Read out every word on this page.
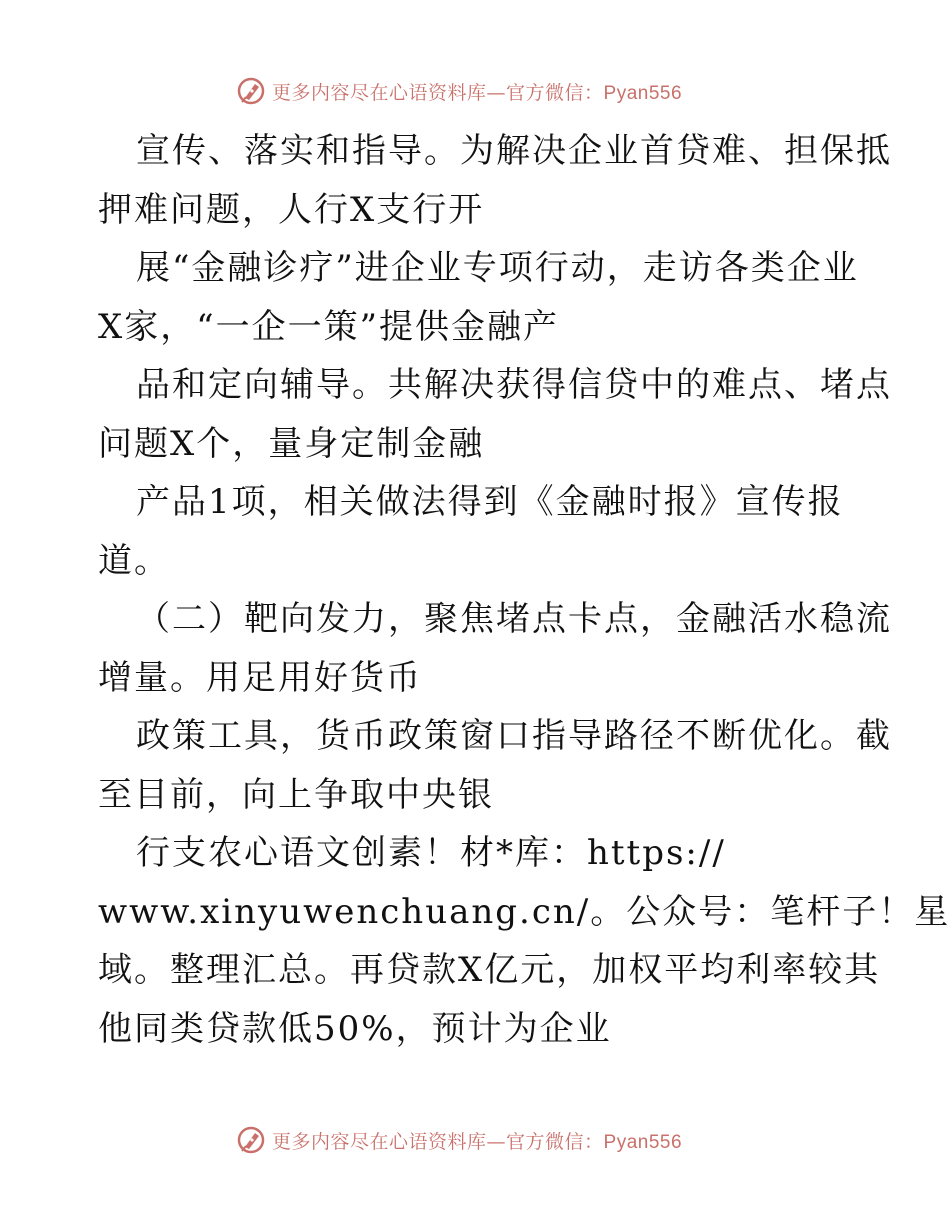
更多内容尽在心语资料库—官方微信：Pyan556
宣传、落实和指导。为解决企业首贷难、担保抵
押难问题，人行X支行开
展“金融诊疗”进企业专项行动，走访各类企业
X家，“一企一策”提供金融产
品和定向辅导。共解决获得信贷中的难点、堵点
问题X个，量身定制金融
产品1项，相关做法得到《金融时报》宣传报
道。
（二）靶向发力，聚焦堵点卡点，金融活水稳流
增量。用足用好货币
政策工具，货币政策窗口指导路径不断优化。截
至目前，向上争取中央银
行支农心语文创素！材*库：https://
www.xinyuwenchuang.cn/。公众号：笔杆子！星
域。整理汇总。再贷款X亿元，加权平均利率较其
他同类贷款低50%，预计为企业
更多内容尽在心语资料库—官方微信：Pyan556
